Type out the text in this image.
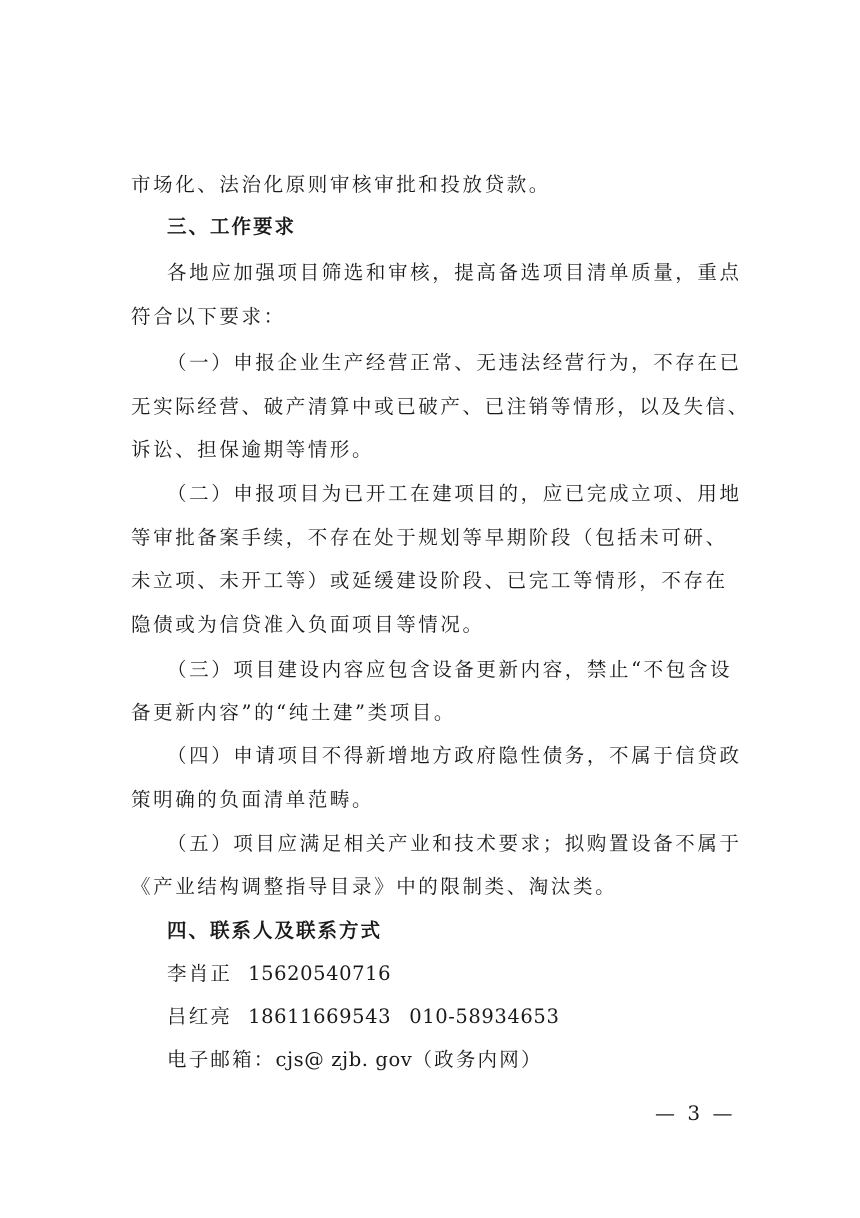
市场化、法治化原则审核审批和投放贷款。
三、工作要求
各地应加强项目筛选和审核，提高备选项目清单质量，重点
符合以下要求：
（一）申报企业生产经营正常、无违法经营行为，不存在已
无实际经营、破产清算中或已破产、已注销等情形，以及失信、
诉讼、担保逾期等情形。
（二）申报项目为已开工在建项目的，应已完成立项、用地
等审批备案手续，不存在处于规划等早期阶段（包括未可研、
未立项、未开工等）或延缓建设阶段、已完工等情形，不存在
隐债或为信贷准入负面项目等情况。
（三）项目建设内容应包含设备更新内容，禁止“不包含设
备更新内容”的“纯土建”类项目。
（四）申请项目不得新增地方政府隐性债务，不属于信贷政
策明确的负面清单范畴。
（五）项目应满足相关产业和技术要求；拟购置设备不属于
《产业结构调整指导目录》中的限制类、淘汰类。
四、联系人及联系方式
李肖正 15620540716
吕红亮 18611669543 010-58934653
电子邮箱：cjs@ zjb. gov（政务内网）
— 3 —
